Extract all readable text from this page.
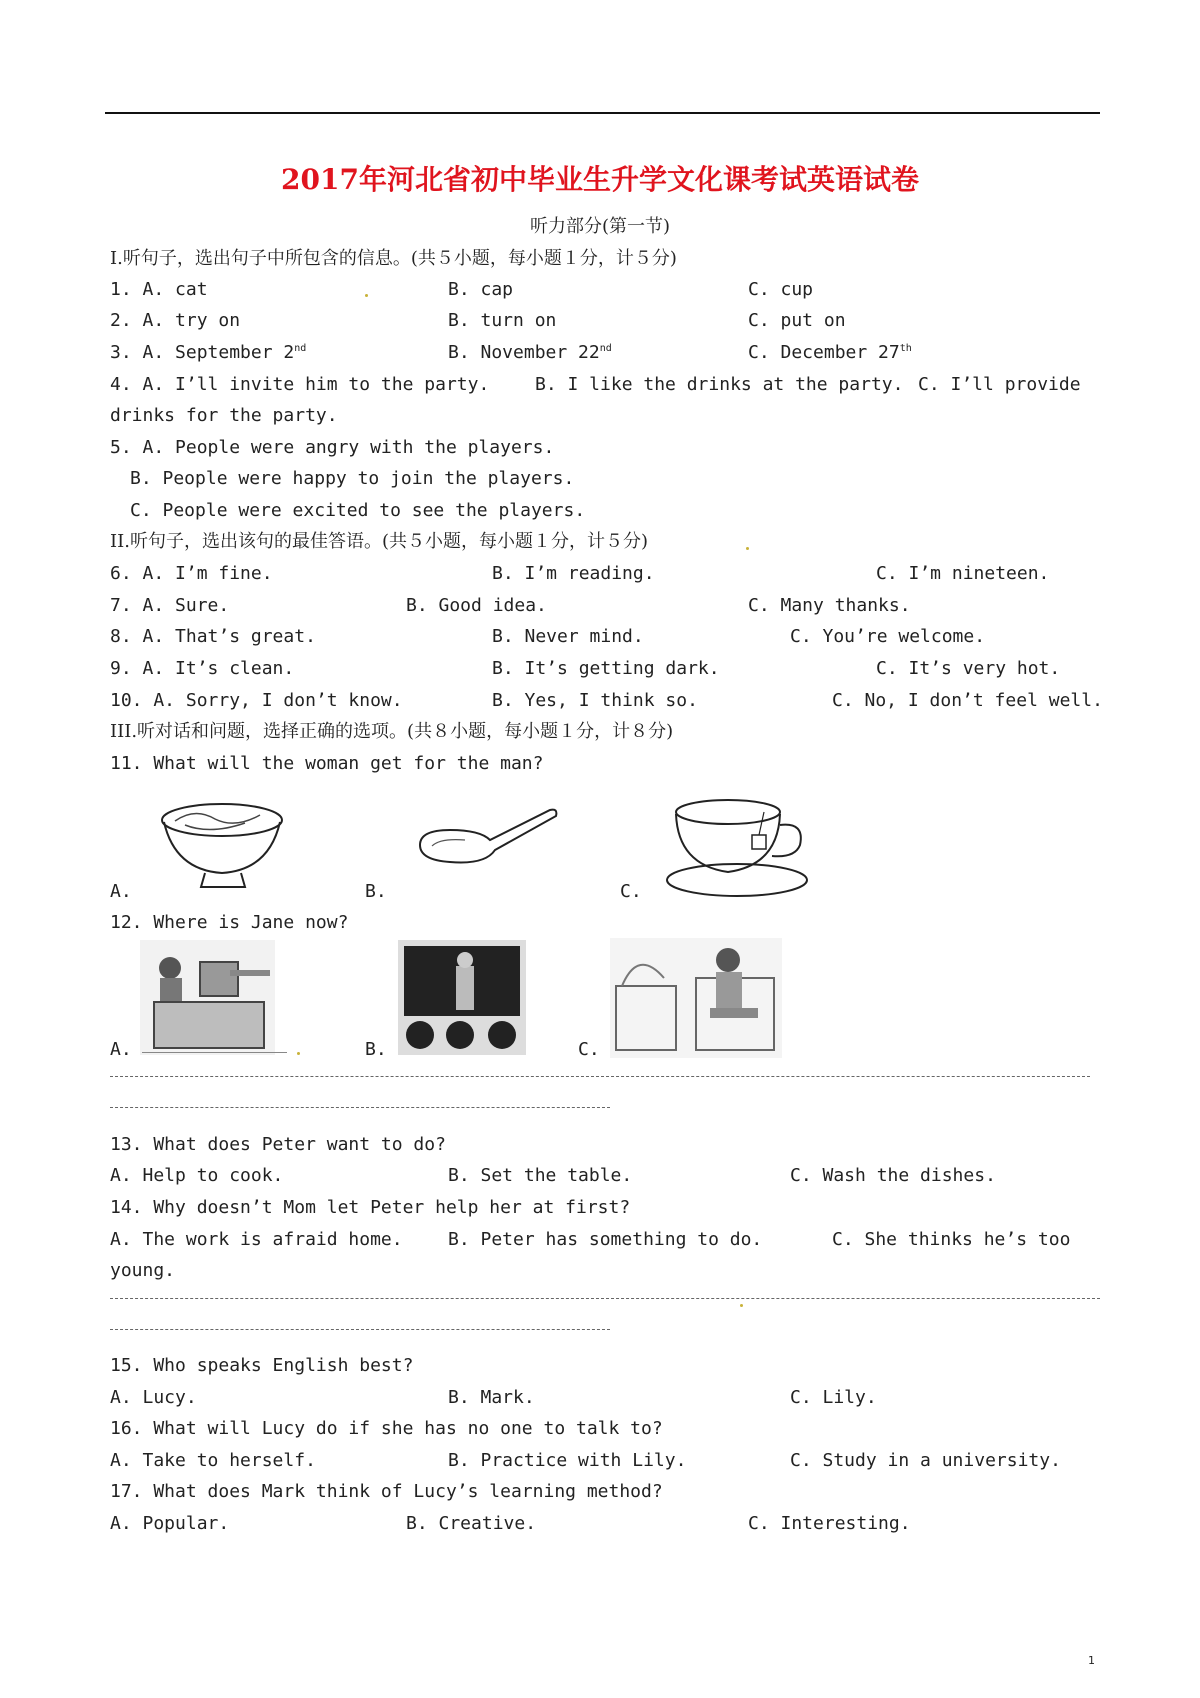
2017年河北省初中毕业生升学文化课考试英语试卷
听力部分(第一节)
I.听句子，选出句子中所包含的信息。(共５小题，每小题１分，计５分)
1. A. cat	B. cap	C. cup
2. A. try on	B. turn on	C. put on
3. A. September 2nd	B. November 22nd	C. December 27th
4. A. I’ll invite him to the party.	B. I like the drinks at the party. C. I’ll provide
drinks for the party.
5. A. People were angry with the players.
B. People were happy to join the players.
C. People were excited to see the players.
II.听句子，选出该句的最佳答语。(共５小题，每小题１分，计５分)
6. A. I’m fine.	B. I’m reading.	C. I’m nineteen.
7. A. Sure.	B. Good idea.	C. Many thanks.
8. A. That’s great.	B. Never mind.	C. You’re welcome.
9. A. It’s clean.	B. It’s getting dark.	C. It’s very hot.
10. A. Sorry, I don’t know.	B. Yes, I think so.	C. No, I don’t feel well.
III.听对话和问题，选择正确的选项。(共８小题，每小题１分，计８分)
11. What will the woman get for the man?
A.	B.	C.
12. Where is Jane now?
A.	B.	C.
13. What does Peter want to do?
A. Help to cook.	B. Set the table.	C. Wash the dishes.
14. Why doesn’t Mom let Peter help her at first?
A. The work is afraid home.	B. Peter has something to do.	C. She thinks he’s too
young.
15. Who speaks English best?
A. Lucy.	B. Mark.	C. Lily.
16. What will Lucy do if she has no one to talk to?
A. Take to herself.	B. Practice with Lily.	C. Study in a university.
17. What does Mark think of Lucy’s learning method?
A. Popular.	B. Creative.	C. Interesting.
1
